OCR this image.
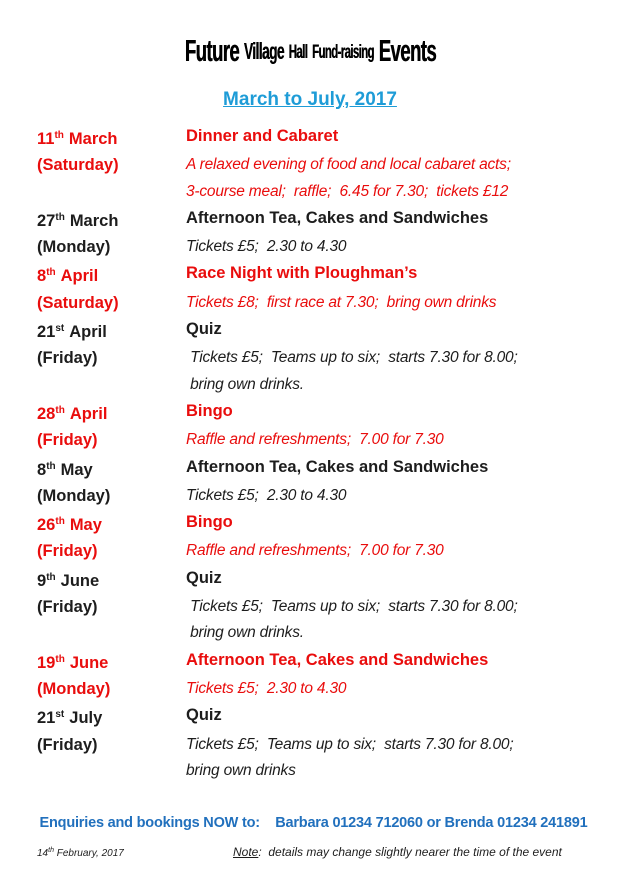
Future Village Hall Fund-raising Events
March to July, 2017
11th March	Dinner and Cabaret
(Saturday)	A relaxed evening of food and local cabaret acts;
3-course meal;  raffle;  6.45 for 7.30;  tickets £12
27th March	Afternoon Tea, Cakes and Sandwiches
(Monday)	Tickets £5;  2.30 to 4.30
8th April	Race Night with Ploughman’s
(Saturday)	Tickets £8;  first race at 7.30;  bring own drinks
21st April	Quiz
(Friday)	Tickets £5;  Teams up to six;  starts 7.30 for 8.00;
bring own drinks.
28th April	Bingo
(Friday)	Raffle and refreshments;  7.00 for 7.30
8th May	Afternoon Tea, Cakes and Sandwiches
(Monday)	Tickets £5;  2.30 to 4.30
26th May	Bingo
(Friday)	Raffle and refreshments;  7.00 for 7.30
9th June	Quiz
(Friday)	Tickets £5;  Teams up to six;  starts 7.30 for 8.00;
bring own drinks.
19th June	Afternoon Tea, Cakes and Sandwiches
(Monday)	Tickets £5;  2.30 to 4.30
21st July	Quiz
(Friday)	Tickets £5;  Teams up to six;  starts 7.30 for 8.00;
bring own drinks
Enquiries and bookings NOW to:    Barbara 01234 712060 or Brenda 01234 241891
14th February, 2017	Note:  details may change slightly nearer the time of the event
